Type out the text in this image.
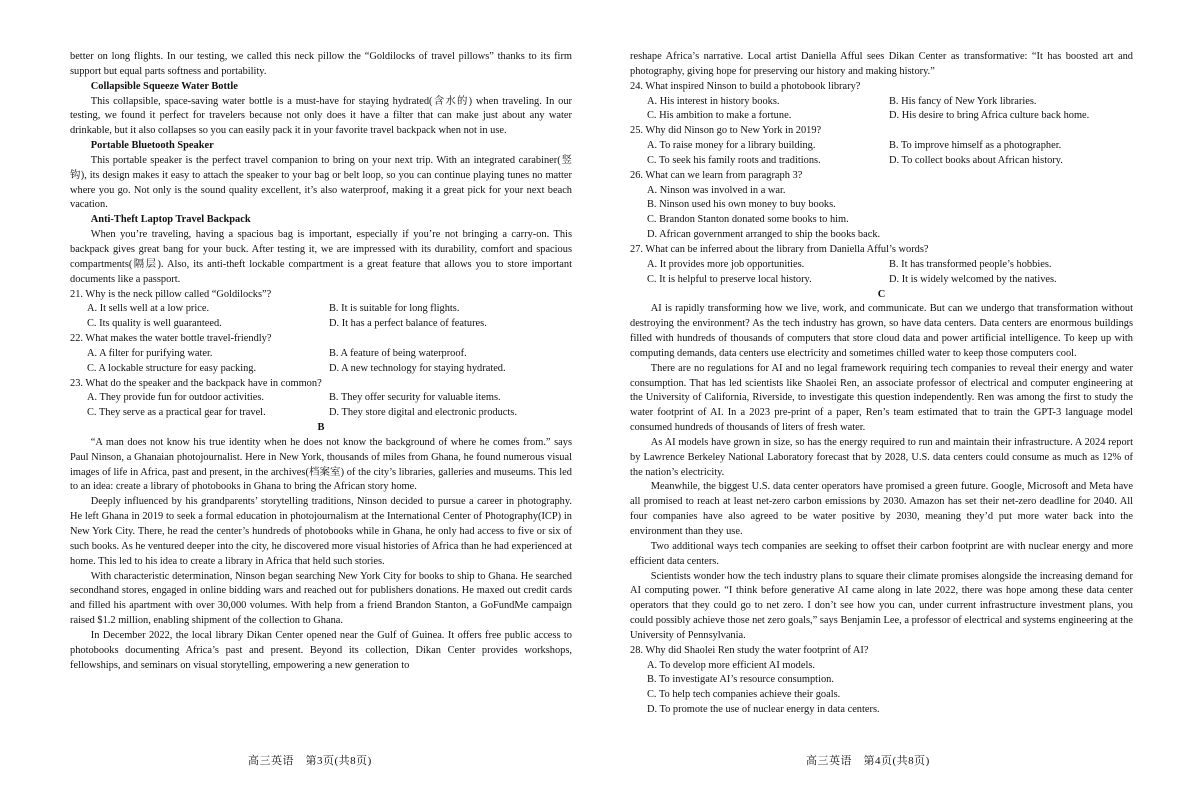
better on long flights. In our testing, we called this neck pillow the “Goldilocks of travel pillows” thanks to its firm support but equal parts softness and portability.

Collapsible Squeeze Water Bottle

This collapsible, space-saving water bottle is a must-have for staying hydrated(含水的) when traveling. In our testing, we found it perfect for travelers because not only does it have a filter that can make just about any water drinkable, but it also collapses so you can easily pack it in your favorite travel backpack when not in use.

Portable Bluetooth Speaker

This portable speaker is the perfect travel companion to bring on your next trip. With an integrated carabiner(竖钩), its design makes it easy to attach the speaker to your bag or belt loop, so you can continue playing tunes no matter where you go. Not only is the sound quality excellent, it’s also waterproof, making it a great pick for your next beach vacation.

Anti-Theft Laptop Travel Backpack

When you’re traveling, having a spacious bag is important, especially if you’re not bringing a carry-on. This backpack gives great bang for your buck. After testing it, we are impressed with its durability, comfort and spacious compartments(隔层). Also, its anti-theft lockable compartment is a great feature that allows you to store important documents like a passport.

21. Why is the neck pillow called “Goldilocks”?

A. It sells well at a low price.	B. It is suitable for long flights.
C. Its quality is well guaranteed.	D. It has a perfect balance of features.

22. What makes the water bottle travel-friendly?

A. A filter for purifying water.	B. A feature of being waterproof.
C. A lockable structure for easy packing.	D. A new technology for staying hydrated.

23. What do the speaker and the backpack have in common?

A. They provide fun for outdoor activities.	B. They offer security for valuable items.
C. They serve as a practical gear for travel.	D. They store digital and electronic products.

B

“A man does not know his true identity when he does not know the background of where he comes from.” says Paul Ninson, a Ghanaian photojournalist. Here in New York, thousands of miles from Ghana, he found numerous visual images of life in Africa, past and present, in the archives(档案室) of the city’s libraries, galleries and museums. This led to an idea: create a library of photobooks in Ghana to bring the African story home.

Deeply influenced by his grandparents’ storytelling traditions, Ninson decided to pursue a career in photography. He left Ghana in 2019 to seek a formal education in photojournalism at the International Center of Photography(ICP) in New York City. There, he read the center’s hundreds of photobooks while in Ghana, he only had access to five or six of such books. As he ventured deeper into the city, he discovered more visual histories of Africa than he had experienced at home. This led to his idea to create a library in Africa that held such stories.

With characteristic determination, Ninson began searching New York City for books to ship to Ghana. He searched secondhand stores, engaged in online bidding wars and reached out for publishers donations. He maxed out credit cards and filled his apartment with over 30,000 volumes. With help from a friend Brandon Stanton, a GoFundMe campaign raised $1.2 million, enabling shipment of the collection to Ghana.

In December 2022, the local library Dikan Center opened near the Gulf of Guinea. It offers free public access to photobooks documenting Africa’s past and present. Beyond its collection, Dikan Center provides workshops, fellowships, and seminars on visual storytelling, empowering a new generation to

高三英语　第3页(共8页)

reshape Africa’s narrative. Local artist Daniella Afful sees Dikan Center as transformative: “It has boosted art and photography, giving hope for preserving our history and making history.”

24. What inspired Ninson to build a photobook library?

A. His interest in history books.	B. His fancy of New York libraries.
C. His ambition to make a fortune.	D. His desire to bring Africa culture back home.

25. Why did Ninson go to New York in 2019?

A. To raise money for a library building.	B. To improve himself as a photographer.
C. To seek his family roots and traditions.	D. To collect books about African history.

26. What can we learn from paragraph 3?

A. Ninson was involved in a war.
B. Ninson used his own money to buy books.
C. Brandon Stanton donated some books to him.
D. African government arranged to ship the books back.

27. What can be inferred about the library from Daniella Afful’s words?

A. It provides more job opportunities.	B. It has transformed people’s hobbies.
C. It is helpful to preserve local history.	D. It is widely welcomed by the natives.

C

AI is rapidly transforming how we live, work, and communicate. But can we undergo that transformation without destroying the environment? As the tech industry has grown, so have data centers. Data centers are enormous buildings filled with hundreds of thousands of computers that store cloud data and power artificial intelligence. To keep up with computing demands, data centers use electricity and sometimes chilled water to keep those computers cool.

There are no regulations for AI and no legal framework requiring tech companies to reveal their energy and water consumption. That has led scientists like Shaolei Ren, an associate professor of electrical and computer engineering at the University of California, Riverside, to investigate this question independently. Ren was among the first to study the water footprint of AI. In a 2023 pre-print of a paper, Ren’s team estimated that to train the GPT-3 language model consumed hundreds of thousands of liters of fresh water.

As AI models have grown in size, so has the energy required to run and maintain their infrastructure. A 2024 report by Lawrence Berkeley National Laboratory forecast that by 2028, U.S. data centers could consume as much as 12% of the nation’s electricity.

Meanwhile, the biggest U.S. data center operators have promised a green future. Google, Microsoft and Meta have all promised to reach at least net-zero carbon emissions by 2030. Amazon has set their net-zero deadline for 2040. All four companies have also agreed to be water positive by 2030, meaning they’d put more water back into the environment than they use.

Two additional ways tech companies are seeking to offset their carbon footprint are with nuclear energy and more efficient data centers.

Scientists wonder how the tech industry plans to square their climate promises alongside the increasing demand for AI computing power. “I think before generative AI came along in late 2022, there was hope among these data center operators that they could go to net zero. I don’t see how you can, under current infrastructure investment plans, you could possibly achieve those net zero goals,” says Benjamin Lee, a professor of electrical and systems engineering at the University of Pennsylvania.

28. Why did Shaolei Ren study the water footprint of AI?

A. To develop more efficient AI models.
B. To investigate AI’s resource consumption.
C. To help tech companies achieve their goals.
D. To promote the use of nuclear energy in data centers.
高三英语　第4页(共8页)
